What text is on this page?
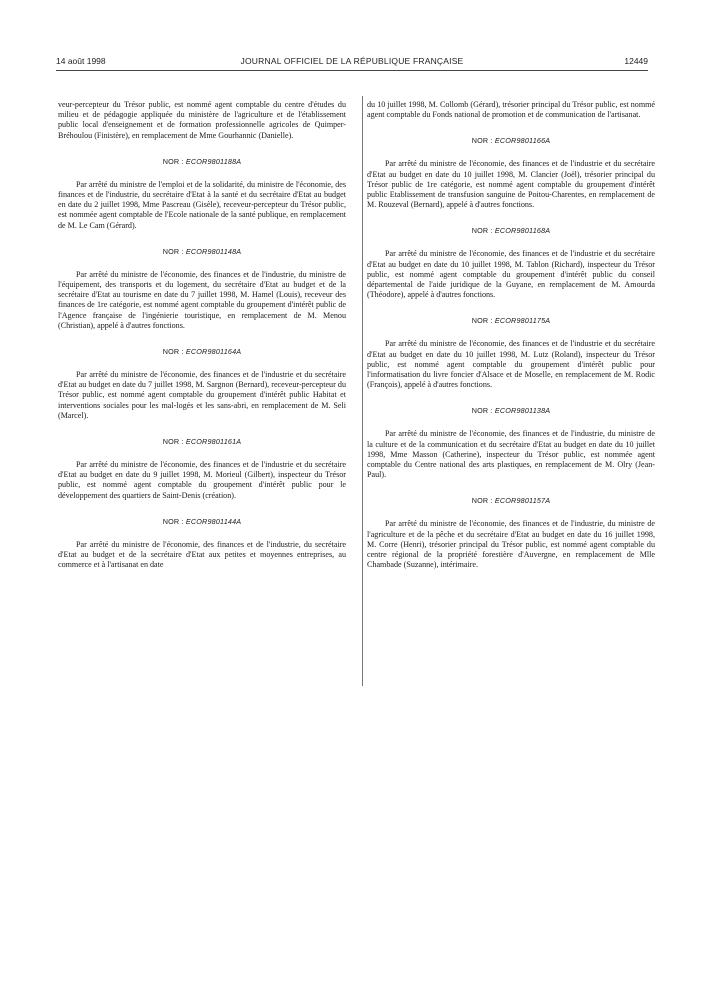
14 août 1998	JOURNAL OFFICIEL DE LA RÉPUBLIQUE FRANÇAISE	12449

veur-percepteur du Trésor public, est nommé agent comptable du centre d'études du milieu et de pédagogie appliquée du ministère de l'agriculture et de l'établissement public local d'enseignement et de formation professionnelle agricoles de Quimper-Bréhoulou (Finistère), en remplacement de Mme Gourhannic (Danielle).

NOR : ECOR9801188A

Par arrêté du ministre de l'emploi et de la solidarité, du ministre de l'économie, des finances et de l'industrie, du secrétaire d'Etat à la santé et du secrétaire d'Etat au budget en date du 2 juillet 1998, Mme Pascreau (Gisèle), receveur-percepteur du Trésor public, est nommée agent comptable de l'Ecole nationale de la santé publique, en remplacement de M. Le Cam (Gérard).

NOR : ECOR9801148A

Par arrêté du ministre de l'économie, des finances et de l'industrie, du ministre de l'équipement, des transports et du logement, du secrétaire d'Etat au budget et de la secrétaire d'Etat au tourisme en date du 7 juillet 1998, M. Hamel (Louis), receveur des finances de 1re catégorie, est nommé agent comptable du groupement d'intérêt public de l'Agence française de l'ingénierie touristique, en remplacement de M. Menou (Christian), appelé à d'autres fonctions.

NOR : ECOR9801164A

Par arrêté du ministre de l'économie, des finances et de l'industrie et du secrétaire d'Etat au budget en date du 7 juillet 1998, M. Sargnon (Bernard), receveur-percepteur du Trésor public, est nommé agent comptable du groupement d'intérêt public Habitat et interventions sociales pour les mal-logés et les sans-abri, en remplacement de M. Seli (Marcel).

NOR : ECOR9801161A

Par arrêté du ministre de l'économie, des finances et de l'industrie et du secrétaire d'Etat au budget en date du 9 juillet 1998, M. Morieul (Gilbert), inspecteur du Trésor public, est nommé agent comptable du groupement d'intérêt public pour le développement des quartiers de Saint-Denis (création).

NOR : ECOR9801144A

Par arrêté du ministre de l'économie, des finances et de l'industrie, du secrétaire d'Etat au budget et de la secrétaire d'Etat aux petites et moyennes entreprises, au commerce et à l'artisanat en date

du 10 juillet 1998, M. Collomb (Gérard), trésorier principal du Trésor public, est nommé agent comptable du Fonds national de promotion et de communication de l'artisanat.

NOR : ECOR9801166A

Par arrêté du ministre de l'économie, des finances et de l'industrie et du secrétaire d'Etat au budget en date du 10 juillet 1998, M. Clancier (Joël), trésorier principal du Trésor public de 1re catégorie, est nommé agent comptable du groupement d'intérêt public Etablissement de transfusion sanguine de Poitou-Charentes, en remplacement de M. Rouzeval (Bernard), appelé à d'autres fonctions.

NOR : ECOR9801168A

Par arrêté du ministre de l'économie, des finances et de l'industrie et du secrétaire d'Etat au budget en date du 10 juillet 1998, M. Tablon (Richard), inspecteur du Trésor public, est nommé agent comptable du groupement d'intérêt public du conseil départemental de l'aide juridique de la Guyane, en remplacement de M. Amourda (Théodore), appelé à d'autres fonctions.

NOR : ECOR9801175A

Par arrêté du ministre de l'économie, des finances et de l'industrie et du secrétaire d'Etat au budget en date du 10 juillet 1998, M. Lutz (Roland), inspecteur du Trésor public, est nommé agent comptable du groupement d'intérêt public pour l'informatisation du livre foncier d'Alsace et de Moselle, en remplacement de M. Rodic (François), appelé à d'autres fonctions.

NOR : ECOR9801138A

Par arrêté du ministre de l'économie, des finances et de l'industrie, du ministre de la culture et de la communication et du secrétaire d'Etat au budget en date du 10 juillet 1998, Mme Masson (Catherine), inspecteur du Trésor public, est nommée agent comptable du Centre national des arts plastiques, en remplacement de M. Olry (Jean-Paul).

NOR : ECOR9801157A

Par arrêté du ministre de l'économie, des finances et de l'industrie, du ministre de l'agriculture et de la pêche et du secrétaire d'Etat au budget en date du 16 juillet 1998, M. Corre (Henri), trésorier principal du Trésor public, est nommé agent comptable du centre régional de la propriété forestière d'Auvergne, en remplacement de Mlle Chambade (Suzanne), intérimaire.
